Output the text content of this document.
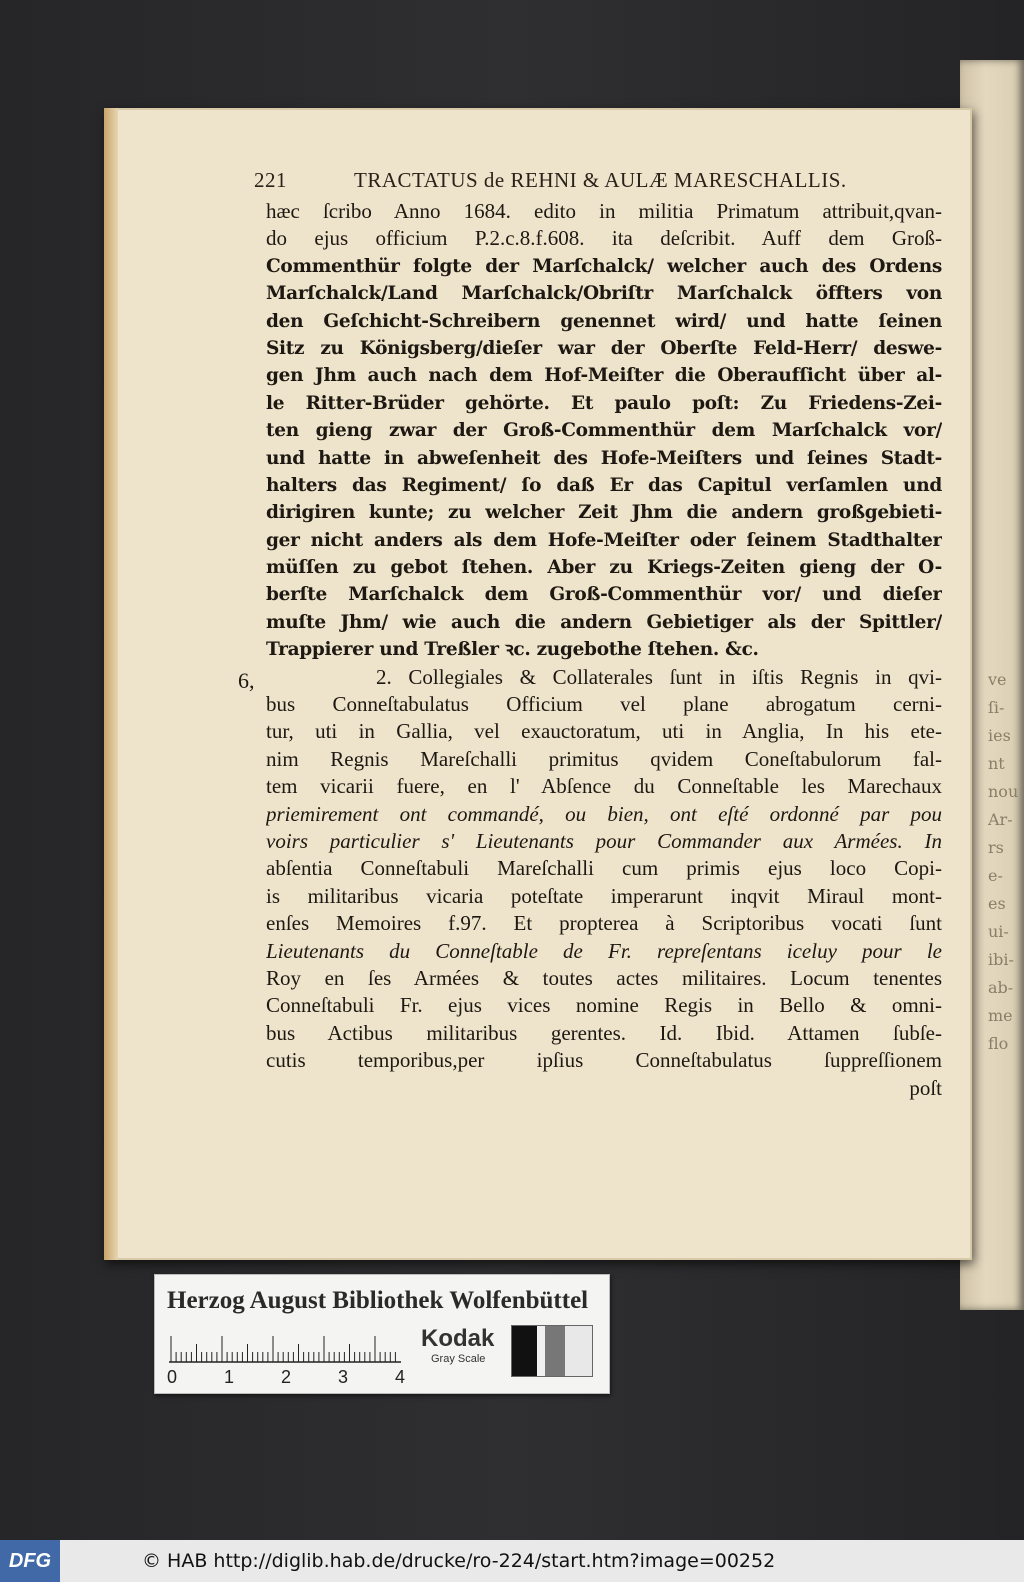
ve
ſi-
ies
nt
nou
Ar-
rs
e-
es
ui-
ibi-
ab-
me
flo
221	TRACTATUS de REHNI & AULÆ MARESCHALLIS.
6,
hæc ſcribo Anno 1684. edito in militia Primatum attribuit,qvan-
do ejus officium P.2.c.8.f.608. ita deſcribit. Auff dem Groß-
Commenthür folgte der Marſchalck/ welcher auch des Ordens
Marſchalck/Land Marſchalck/Obriſtr Marſchalck öffters von
den Geſchicht-Schreibern genennet wird/ und hatte ſeinen
Sitz zu Königsberg/dieſer war der Oberſte Feld-Herr/ deswe-
gen Jhm auch nach dem Hof-Meiſter die Oberaufſicht über al-
le Ritter-Brüder gehörte. Et paulo poſt: Zu Friedens-Zei-
ten gieng zwar der Groß-Commenthür dem Marſchalck vor/
und hatte in abweſenheit des Hofe-Meiſters und ſeines Stadt-
halters das Regiment/ ſo daß Er das Capitul verſamlen und
dirigiren kunte; zu welcher Zeit Jhm die andern großgebieti-
ger nicht anders als dem Hofe-Meiſter oder ſeinem Stadthalter
müſſen zu gebot ſtehen. Aber zu Kriegs-Zeiten gieng der O-
berſte Marſchalck dem Groß-Commenthür vor/ und dieſer
muſte Jhm/ wie auch die andern Gebietiger als der Spittler/
Trappierer und Treßler ꝛc. zugebothe ſtehen. &c.
2. Collegiales & Collaterales ſunt in iſtis Regnis in qvi-
bus Conneſtabulatus Officium vel plane abrogatum cerni-
tur, uti in Gallia, vel exauctoratum, uti in Anglia, In his ete-
nim Regnis Mareſchalli primitus qvidem Coneſtabulorum fal-
tem vicarii fuere, en l' Abſence du Conneſtable les Marechaux
priemirement ont commandé, ou bien, ont eſté ordonné par pou
voirs particulier s' Lieutenants pour Commander aux Armées. In
abſentia Conneſtabuli Mareſchalli cum primis ejus loco Copi-
is militaribus vicaria poteſtate imperarunt inqvit Miraul mont-
enſes Memoires f.97. Et propterea à Scriptoribus vocati ſunt
Lieutenants du Conneſtable de Fr. repreſentans iceluy pour le
Roy en ſes Armées & toutes actes militaires. Locum tenentes
Conneſtabuli Fr. ejus vices nomine Regis in Bello & omni-
bus Actibus militaribus gerentes. Id. Ibid. Attamen ſubſe-
cutis temporibus,per ipſius Conneſtabulatus ſuppreſſionem
poſt
Herzog August Bibliothek Wolfenbüttel
0	1	2	3	4
Kodak
Gray Scale
DFG	© HAB http://diglib.hab.de/drucke/ro-224/start.htm?image=00252
